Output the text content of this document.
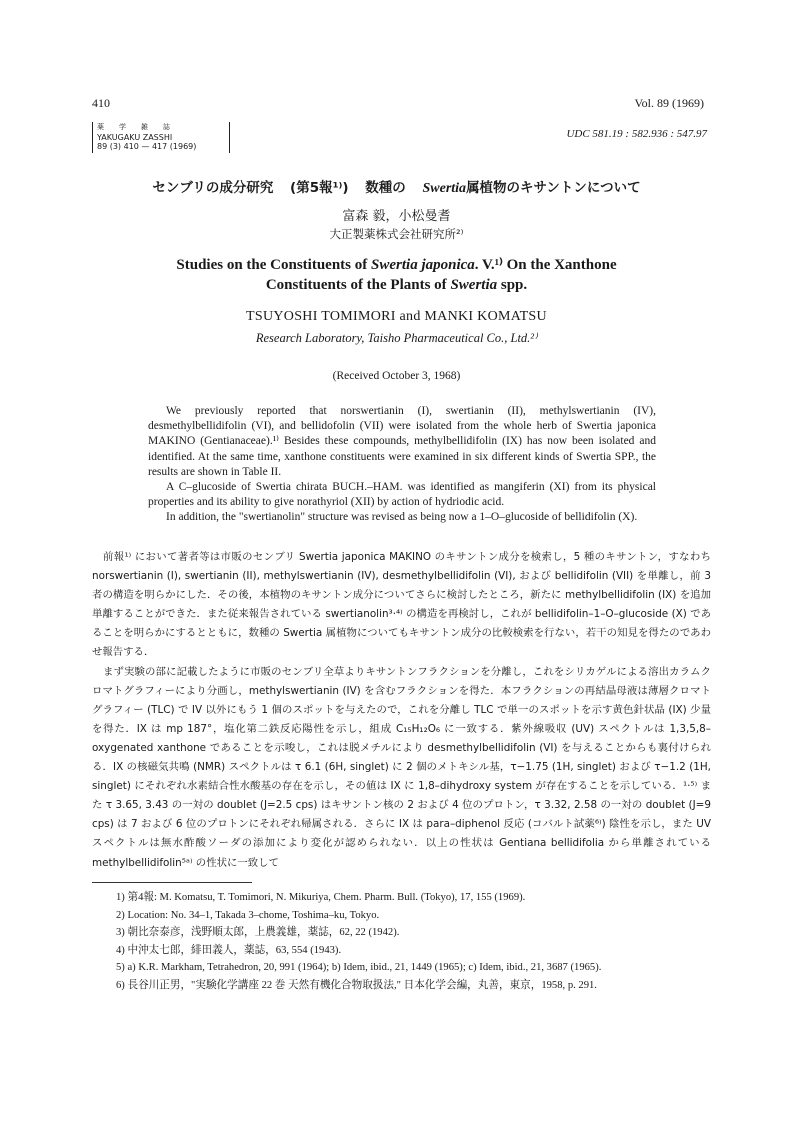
410	Vol. 89 (1969)
薬学雑誌
YAKUGAKU ZASSHI
89 (3) 410 — 417 (1969)
UDC 581.19 : 582.936 : 547.97
センブリの成分研究 (第5報¹⁾) 数種の Swertia属植物のキサントンについて
富森 毅，小松曼耆
大正製薬株式会社研究所²⁾
Studies on the Constituents of Swertia japonica. V.¹⁾ On the Xanthone
Constituents of the Plants of Swertia spp.
TSUYOSHI TOMIMORI and MANKI KOMATSU
Research Laboratory, Taisho Pharmaceutical Co., Ltd.²⁾
(Received October 3, 1968)

We previously reported that norswertianin (I), swertianin (II), methylswertianin (IV), desmethylbellidifolin (VI), and bellidofolin (VII) were isolated from the whole herb of Swertia japonica MAKINO (Gentianaceae).¹⁾ Besides these compounds, methylbellidifolin (IX) has now been isolated and identified. At the same time, xanthone constituents were examined in six different kinds of Swertia SPP., the results are shown in Table II.

A C–glucoside of Swertia chirata BUCH.–HAM. was identified as mangiferin (XI) from its physical properties and its ability to give norathyriol (XII) by action of hydriodic acid.

In addition, the "swertianolin" structure was revised as being now a 1–O–glucoside of bellidifolin (X).

前報¹⁾ において著者等は市販のセンブリ Swertia japonica MAKINO のキサントン成分を検索し，5 種のキサントン，すなわち norswertianin (I), swertianin (II), methylswertianin (IV), desmethylbellidifolin (VI), および bellidifolin (VII) を単離し，前 3 者の構造を明らかにした．その後，本植物のキサントン成分についてさらに検討したところ，新たに methylbellidifolin (IX) を追加単離することができた．また従来報告されている swertianolin³·⁴⁾ の構造を再検討し，これが bellidifolin–1–O–glucoside (X) であることを明らかにするとともに，数種の Swertia 属植物についてもキサントン成分の比較検索を行ない，若干の知見を得たのであわせ報告する．

まず実験の部に記載したように市販のセンブリ全草よりキサントンフラクションを分離し，これをシリカゲルによる溶出カラムクロマトグラフィーにより分画し，methylswertianin (IV) を含むフラクションを得た．本フラクションの再結晶母液は薄層クロマトグラフィー (TLC) で IV 以外にもう 1 個のスポットを与えたので，これを分離し TLC で単一のスポットを示す黄色針状晶 (IX) 少量を得た．IX は mp 187°，塩化第二鉄反応陽性を示し，組成 C₁₅H₁₂O₆ に一致する．紫外線吸収 (UV) スペクトルは 1,3,5,8–oxygenated xanthone であることを示唆し，これは脱メチルにより desmethylbellidifolin (VI) を与えることからも裏付けられる．IX の核磁気共鳴 (NMR) スペクトルは τ 6.1 (6H, singlet) に 2 個のメトキシル基，τ−1.75 (1H, singlet) および τ−1.2 (1H, singlet) にそれぞれ水素結合性水酸基の存在を示し，その値は IX に 1,8–dihydroxy system が存在することを示している．¹·⁵⁾ また τ 3.65, 3.43 の一対の doublet (J=2.5 cps) はキサントン核の 2 および 4 位のプロトン，τ 3.32, 2.58 の一対の doublet (J=9 cps) は 7 および 6 位のプロトンにそれぞれ帰属される．さらに IX は para–diphenol 反応 (コバルト試薬⁶⁾) 陰性を示し，また UV スペクトルは無水酢酸ソーダの添加により変化が認められない．以上の性状は Gentiana bellidifolia から単離されている methylbellidifolin⁵ᵃ⁾ の性状に一致して

1) 第4報: M. Komatsu, T. Tomimori, N. Mikuriya, Chem. Pharm. Bull. (Tokyo), 17, 155 (1969).
2) Location: No. 34–1, Takada 3–chome, Toshima–ku, Tokyo.
3) 朝比奈泰彦，浅野順太郎，上農義雄，薬誌，62, 22 (1942).
4) 中沖太七郎，緋田義人，薬誌，63, 554 (1943).
5) a) K.R. Markham, Tetrahedron, 20, 991 (1964); b) Idem, ibid., 21, 1449 (1965); c) Idem, ibid., 21, 3687 (1965).
6) 長谷川正男，"実験化学講座 22 巻 天然有機化合物取扱法," 日本化学会編，丸善，東京，1958, p. 291.
